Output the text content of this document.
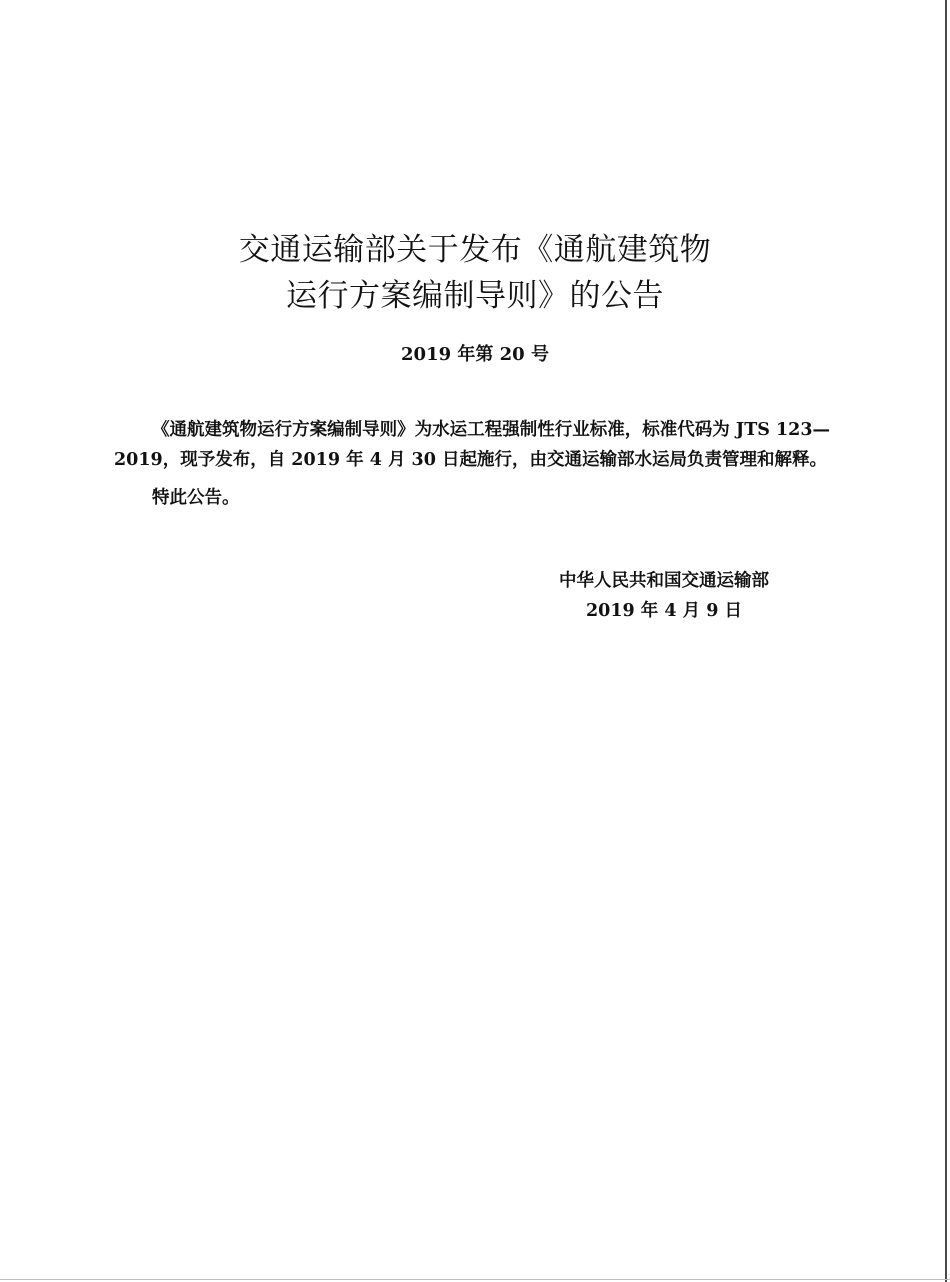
交通运输部关于发布《通航建筑物
运行方案编制导则》的公告
2019 年第 20 号

《通航建筑物运行方案编制导则》为水运工程强制性行业标准，标准代码为 JTS 123—2019，现予发布，自 2019 年 4 月 30 日起施行，由交通运输部水运局负责管理和解释。

特此公告。
中华人民共和国交通运输部
2019 年 4 月 9 日
